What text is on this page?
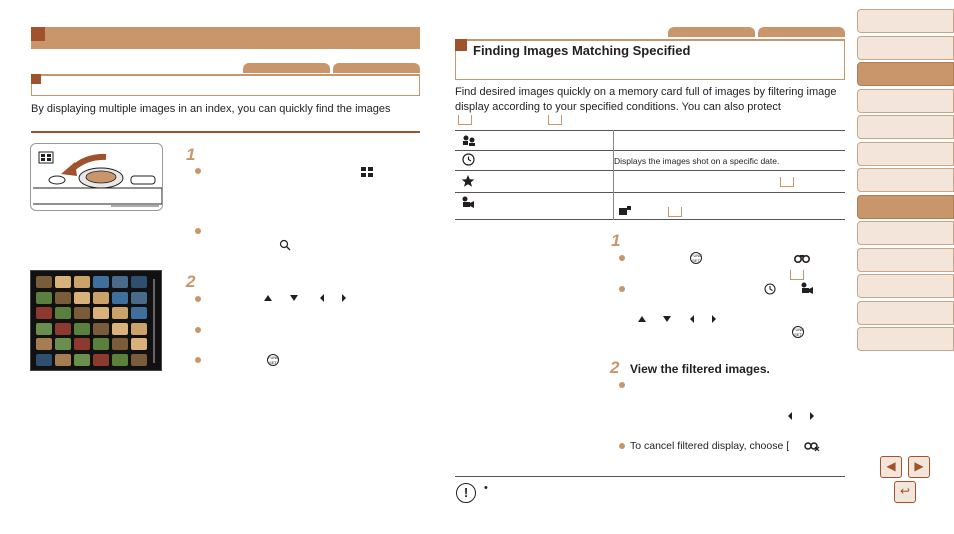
By displaying multiple images in an index, you can quickly find the images
1
2
FUNC
SET
Finding Images Matching Specified
Find desired images quickly on a memory card full of images by filtering image display according to your specified conditions. You can also protect
Displays the images shot on a specific date.
1
FUNC
SET
FUNC
SET
2 View the filtered images.
To cancel filtered display, choose [
!	•
◀	▶
↩
